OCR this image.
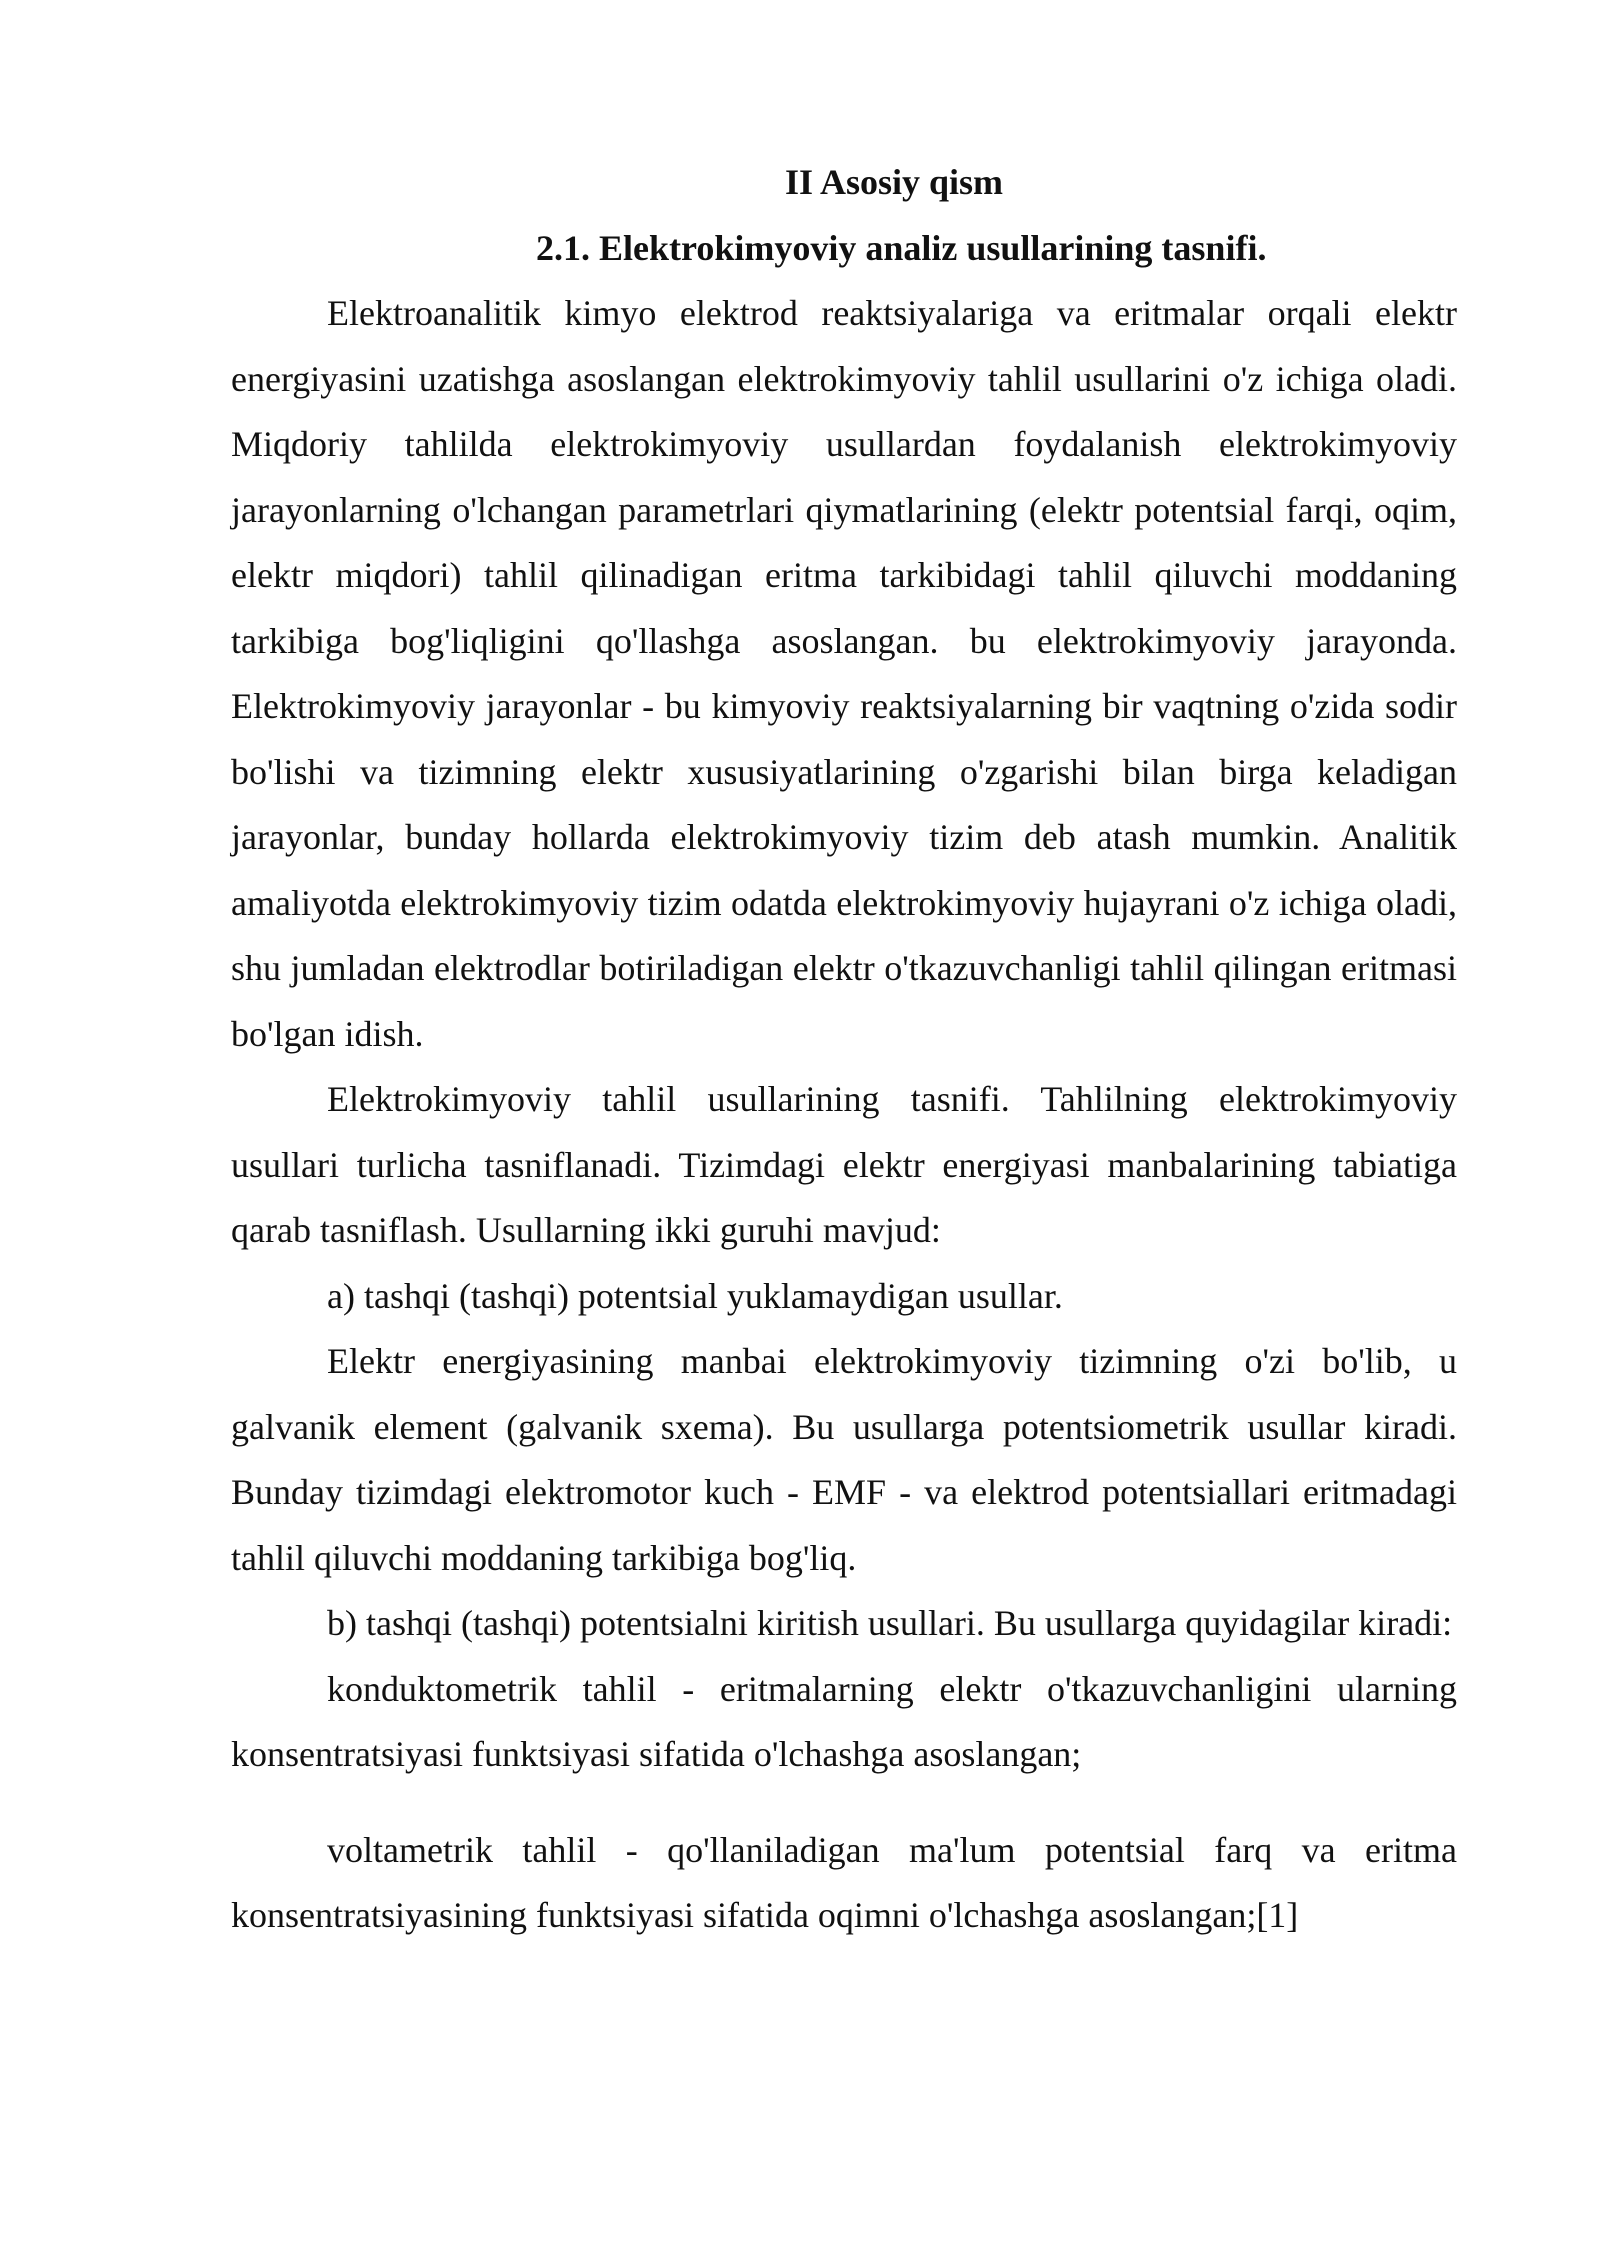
II Asosiy qism

2.1. Elektrokimyoviy analiz usullarining tasnifi.

Elektroanalitik kimyo elektrod reaktsiyalariga va eritmalar orqali elektr energiyasini uzatishga asoslangan elektrokimyoviy tahlil usullarini o'z ichiga oladi. Miqdoriy tahlilda elektrokimyoviy usullardan foydalanish elektrokimyoviy jarayonlarning o'lchangan parametrlari qiymatlarining (elektr potentsial farqi, oqim, elektr miqdori) tahlil qilinadigan eritma tarkibidagi tahlil qiluvchi moddaning tarkibiga bog'liqligini qo'llashga asoslangan. bu elektrokimyoviy jarayonda. Elektrokimyoviy jarayonlar - bu kimyoviy reaktsiyalarning bir vaqtning o'zida sodir bo'lishi va tizimning elektr xususiyatlarining o'zgarishi bilan birga keladigan jarayonlar, bunday hollarda elektrokimyoviy tizim deb atash mumkin. Analitik amaliyotda elektrokimyoviy tizim odatda elektrokimyoviy hujayrani o'z ichiga oladi, shu jumladan elektrodlar botiriladigan elektr o'tkazuvchanligi tahlil qilingan eritmasi bo'lgan idish.

Elektrokimyoviy tahlil usullarining tasnifi. Tahlilning elektrokimyoviy usullari turlicha tasniflanadi. Tizimdagi elektr energiyasi manbalarining tabiatiga qarab tasniflash. Usullarning ikki guruhi mavjud:

a) tashqi (tashqi) potentsial yuklamaydigan usullar.

Elektr energiyasining manbai elektrokimyoviy tizimning o'zi bo'lib, u galvanik element (galvanik sxema). Bu usullarga potentsiometrik usullar kiradi. Bunday tizimdagi elektromotor kuch - EMF - va elektrod potentsiallari eritmadagi tahlil qiluvchi moddaning tarkibiga bog'liq.

b) tashqi (tashqi) potentsialni kiritish usullari. Bu usullarga quyidagilar kiradi:

konduktometrik tahlil - eritmalarning elektr o'tkazuvchanligini ularning konsentratsiyasi funktsiyasi sifatida o'lchashga asoslangan;

voltametrik tahlil - qo'llaniladigan ma'lum potentsial farq va eritma konsentratsiyasining funktsiyasi sifatida oqimni o'lchashga asoslangan;[1]
